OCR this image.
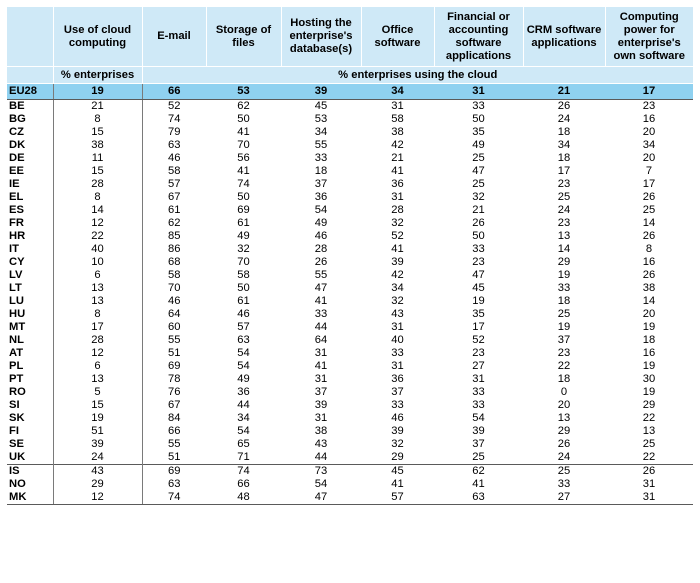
	Use of cloud computing	E-mail	Storage of files	Hosting the enterprise's database(s)	Office software	Financial or accounting software applications	CRM software applications	Computing power for enterprise's own software
	% enterprises	% enterprises using the cloud						
EU28	19	66	53	39	34	31	21	17
BE	21	52	62	45	31	33	26	23
BG	8	74	50	53	58	50	24	16
CZ	15	79	41	34	38	35	18	20
DK	38	63	70	55	42	49	34	34
DE	11	46	56	33	21	25	18	20
EE	15	58	41	18	41	47	17	7
IE	28	57	74	37	36	25	23	17
EL	8	67	50	36	31	32	25	26
ES	14	61	69	54	28	21	24	25
FR	12	62	61	49	32	26	23	14
HR	22	85	49	46	52	50	13	26
IT	40	86	32	28	41	33	14	8
CY	10	68	70	26	39	23	29	16
LV	6	58	58	55	42	47	19	26
LT	13	70	50	47	34	45	33	38
LU	13	46	61	41	32	19	18	14
HU	8	64	46	33	43	35	25	20
MT	17	60	57	44	31	17	19	19
NL	28	55	63	64	40	52	37	18
AT	12	51	54	31	33	23	23	16
PL	6	69	54	41	31	27	22	19
PT	13	78	49	31	36	31	18	30
RO	5	76	36	37	37	33	0	19
SI	15	67	44	39	33	33	20	29
SK	19	84	34	31	46	54	13	22
FI	51	66	54	38	39	39	29	13
SE	39	55	65	43	32	37	26	25
UK	24	51	71	44	29	25	24	22
IS	43	69	74	73	45	62	25	26
NO	29	63	66	54	41	41	33	31
MK	12	74	48	47	57	63	27	31
